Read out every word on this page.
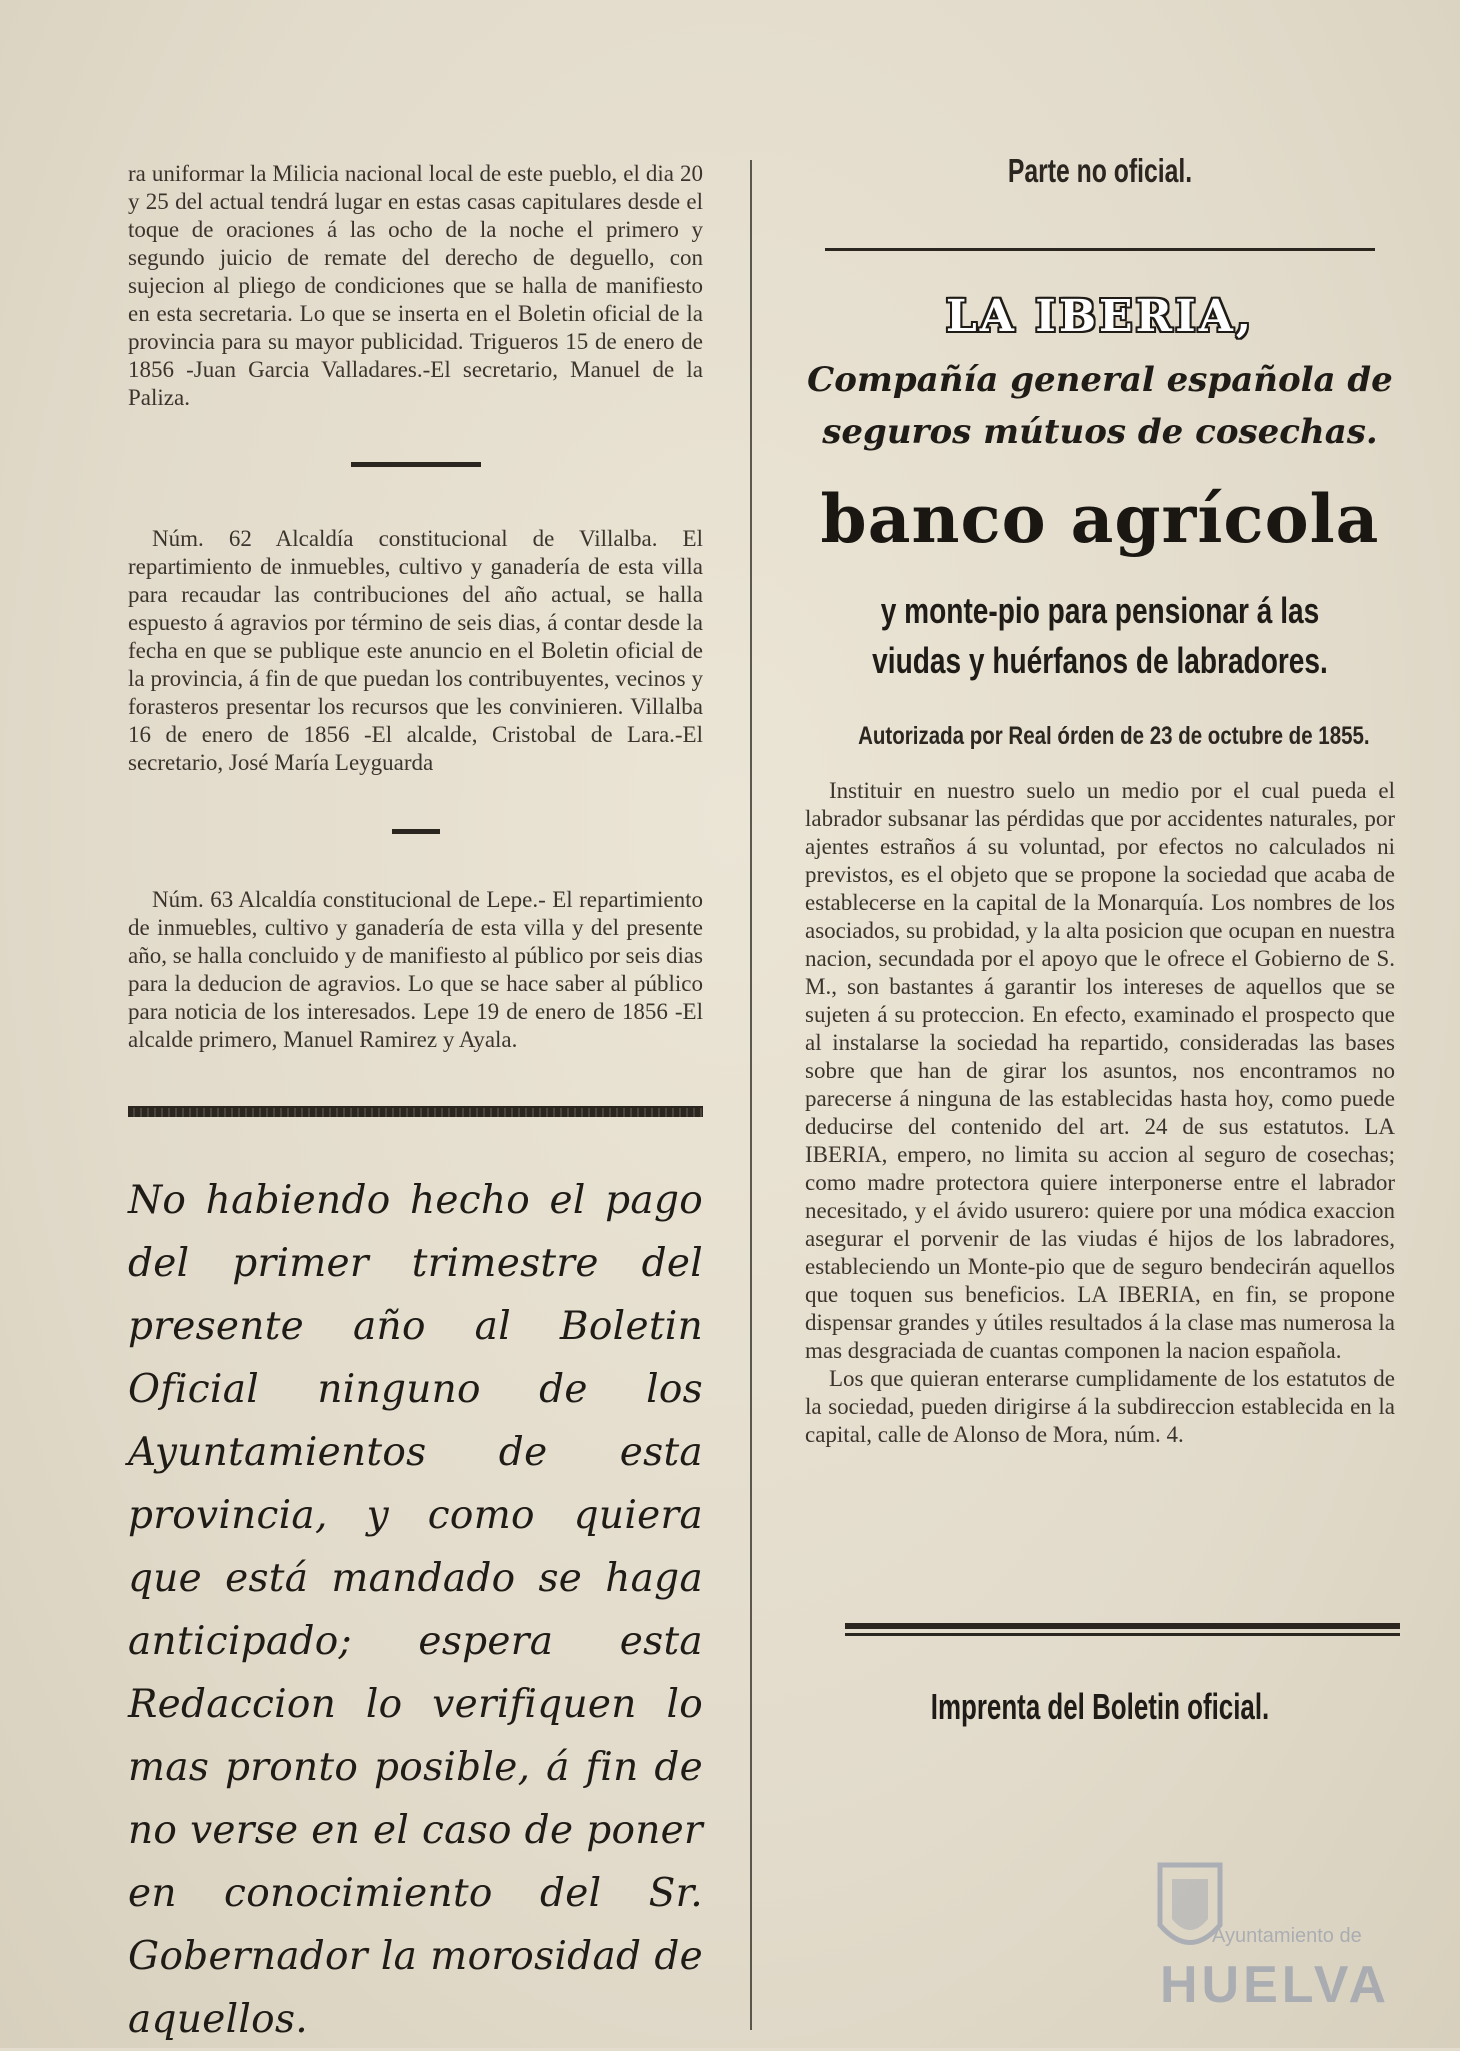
ra uniformar la Milicia nacional local de este pueblo, el dia 20 y 25 del actual tendrá lugar en estas casas capitulares desde el toque de oraciones á las ocho de la noche el primero y segundo juicio de remate del derecho de deguello, con sujecion al pliego de condiciones que se halla de manifiesto en esta secretaria. Lo que se inserta en el Boletin oficial de la provincia para su mayor publicidad. Trigueros 15 de enero de 1856 -Juan Garcia Valladares.-El secretario, Manuel de la Paliza.

Núm. 62 Alcaldía constitucional de Villalba. El repartimiento de inmuebles, cultivo y ganadería de esta villa para recaudar las contribuciones del año actual, se halla espuesto á agravios por término de seis dias, á contar desde la fecha en que se publique este anuncio en el Boletin oficial de la provincia, á fin de que puedan los contribuyentes, vecinos y forasteros presentar los recursos que les convinieren. Villalba 16 de enero de 1856 -El alcalde, Cristobal de Lara.-El secretario, José María Leyguarda

Núm. 63 Alcaldía constitucional de Lepe.- El repartimiento de inmuebles, cultivo y ganadería de esta villa y del presente año, se halla concluido y de manifiesto al público por seis dias para la deducion de agravios. Lo que se hace saber al público para noticia de los interesados. Lepe 19 de enero de 1856 -El alcalde primero, Manuel Ramirez y Ayala.

No habiendo hecho el pago del primer trimestre del presente año al Boletin Oficial ninguno de los Ayuntamientos de esta provincia, y como quiera que está mandado se haga anticipado; espera esta Redaccion lo verifiquen lo mas pronto posible, á fin de no verse en el caso de poner en conocimiento del Sr. Gobernador la morosidad de aquellos.

Parte no oficial.

LA IBERIA,

Compañía general española de seguros mútuos de cosechas.

banco agrícola

y monte-pio para pensionar á las viudas y huérfanos de labradores.

Autorizada por Real órden de 23 de octubre de 1855.

Instituir en nuestro suelo un medio por el cual pueda el labrador subsanar las pérdidas que por accidentes naturales, por ajentes estraños á su voluntad, por efectos no calculados ni previstos, es el objeto que se propone la sociedad que acaba de establecerse en la capital de la Monarquía. Los nombres de los asociados, su probidad, y la alta posicion que ocupan en nuestra nacion, secundada por el apoyo que le ofrece el Gobierno de S. M., son bastantes á garantir los intereses de aquellos que se sujeten á su proteccion. En efecto, examinado el prospecto que al instalarse la sociedad ha repartido, consideradas las bases sobre que han de girar los asuntos, nos encontramos no parecerse á ninguna de las establecidas hasta hoy, como puede deducirse del contenido del art. 24 de sus estatutos. LA IBERIA, empero, no limita su accion al seguro de cosechas; como madre protectora quiere interponerse entre el labrador necesitado, y el ávido usurero: quiere por una módica exaccion asegurar el porvenir de las viudas é hijos de los labradores, estableciendo un Monte-pio que de seguro bendecirán aquellos que toquen sus beneficios. LA IBERIA, en fin, se propone dispensar grandes y útiles resultados á la clase mas numerosa la mas desgraciada de cuantas componen la nacion española.

Los que quieran enterarse cumplidamente de los estatutos de la sociedad, pueden dirigirse á la subdireccion establecida en la capital, calle de Alonso de Mora, núm. 4.

Imprenta del Boletin oficial.

Ayuntamiento de
HUELVA
